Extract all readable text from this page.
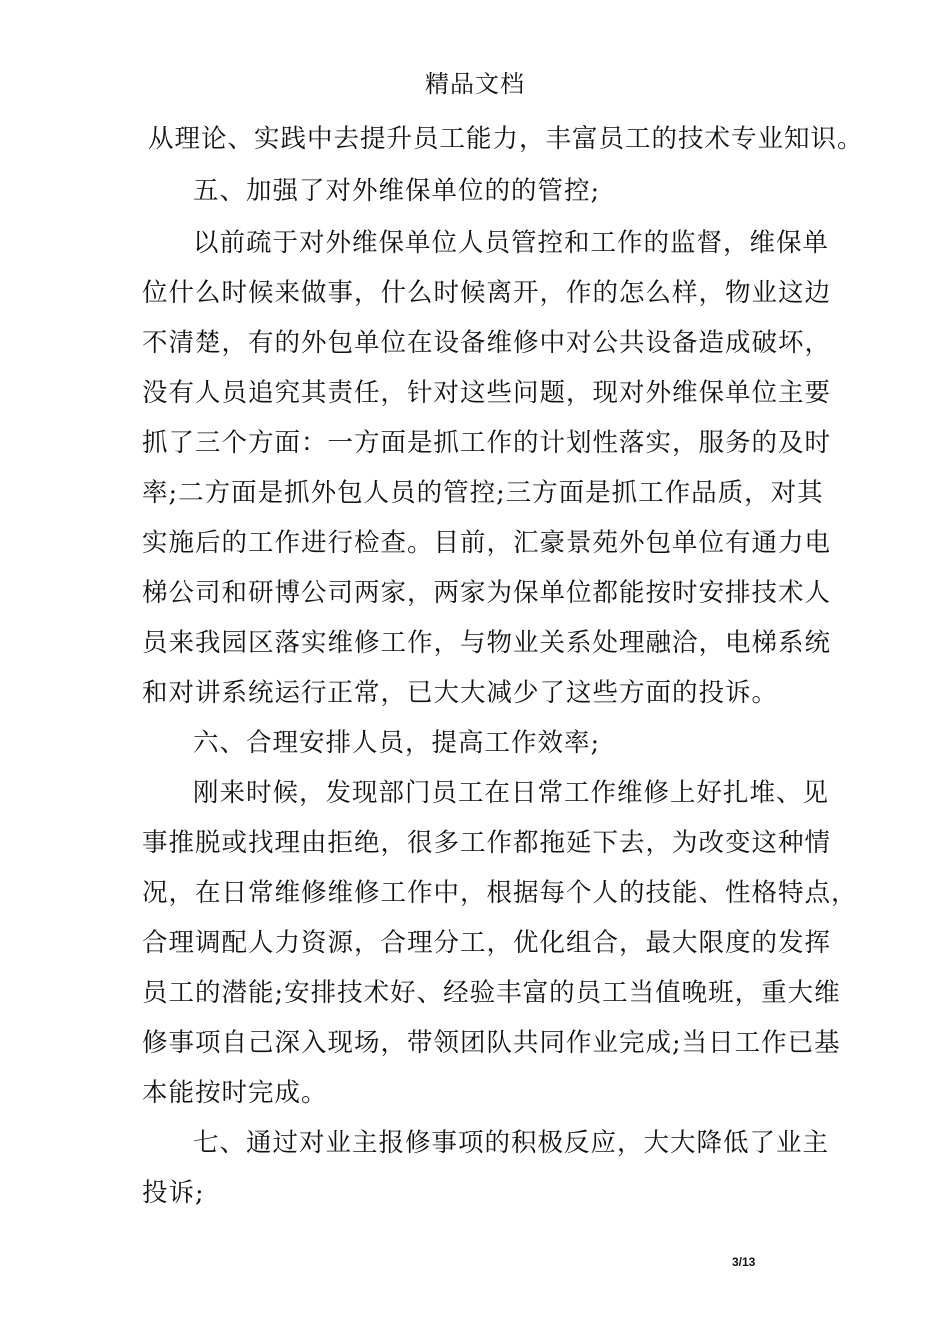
精品文档
从理论、实践中去提升员工能力，丰富员工的技术专业知识。
五、加强了对外维保单位的的管控;
以前疏于对外维保单位人员管控和工作的监督，维保单
位什么时候来做事，什么时候离开，作的怎么样，物业这边
不清楚，有的外包单位在设备维修中对公共设备造成破坏，
没有人员追究其责任，针对这些问题，现对外维保单位主要
抓了三个方面：一方面是抓工作的计划性落实，服务的及时
率;二方面是抓外包人员的管控;三方面是抓工作品质，对其
实施后的工作进行检查。目前，汇豪景苑外包单位有通力电
梯公司和研博公司两家，两家为保单位都能按时安排技术人
员来我园区落实维修工作，与物业关系处理融洽，电梯系统
和对讲系统运行正常，已大大减少了这些方面的投诉。
六、合理安排人员，提高工作效率;
刚来时候，发现部门员工在日常工作维修上好扎堆、见
事推脱或找理由拒绝，很多工作都拖延下去，为改变这种情
况，在日常维修维修工作中，根据每个人的技能、性格特点，
合理调配人力资源，合理分工，优化组合，最大限度的发挥
员工的潜能;安排技术好、经验丰富的员工当值晚班，重大维
修事项自己深入现场，带领团队共同作业完成;当日工作已基
本能按时完成。
七、通过对业主报修事项的积极反应，大大降低了业主
投诉;
3/13
